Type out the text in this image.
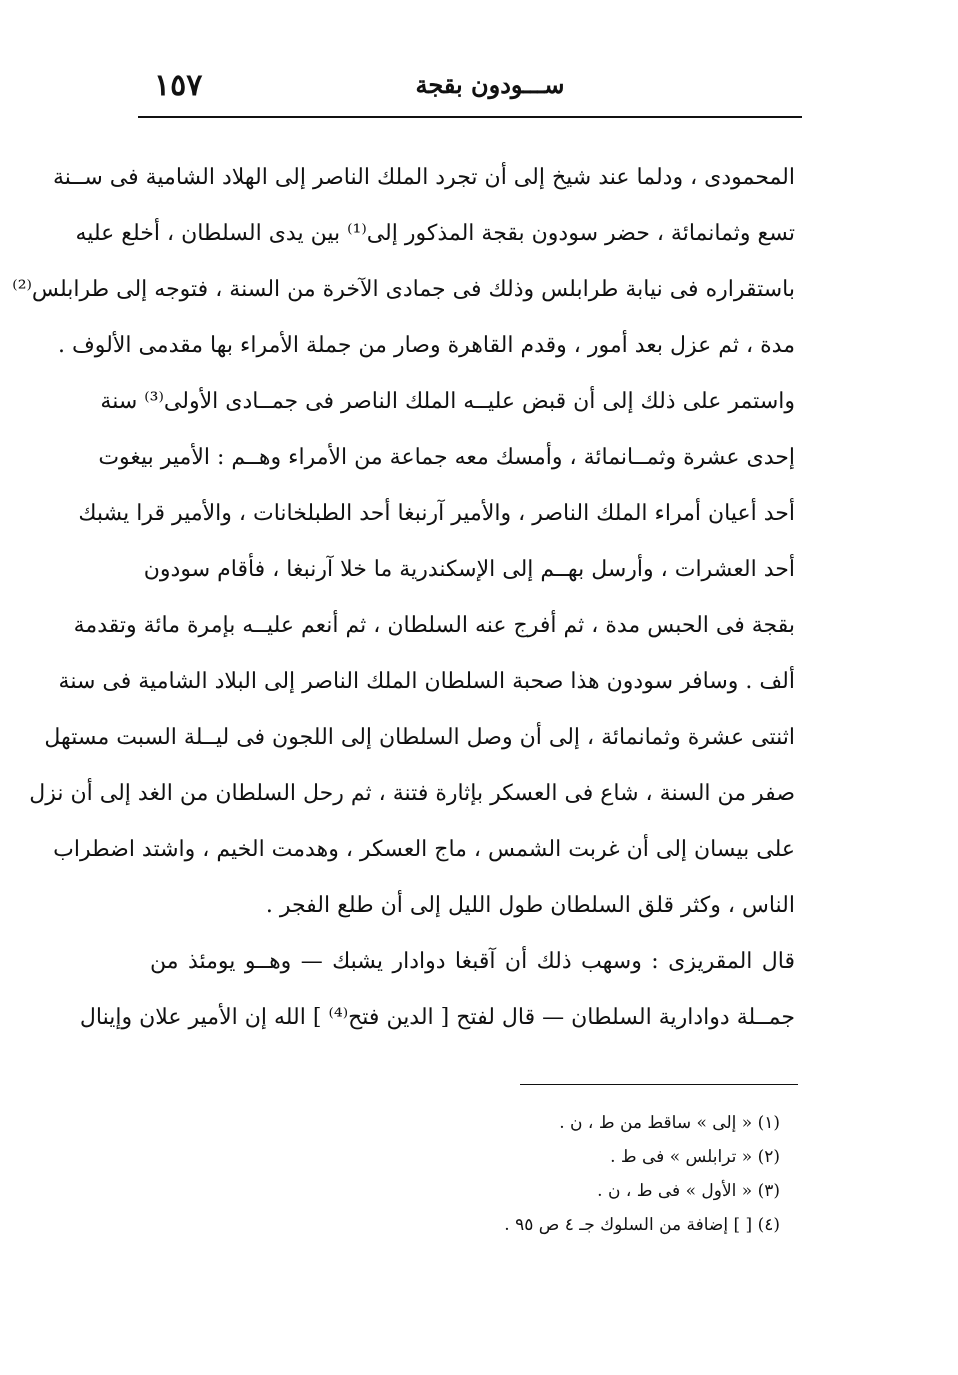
١٥٧	ســـودون بقجة
المحمودى ، ودلما عند شيخ إلى أن تجرد الملك الناصر إلى الهلاد الشامية فى ســنة
تسع وثمانمائة ، حضر سودون بقجة المذكور إلى⁽¹⁾ بين يدى السلطان ، أخلع عليه
باستقراره فى نيابة طرابلس وذلك فى جمادى الآخرة من السنة ، فتوجه إلى طرابلس⁽²⁾
مدة ، ثم عزل بعد أمور ، وقدم القاهرة وصار من جملة الأمراء بها مقدمى الألوف .
واستمر على ذلك إلى أن قبض عليــه الملك الناصر فى جمــادى الأولى⁽³⁾ سنة
إحدى عشرة وثمــانمائة ، وأمسك معه جماعة من الأمراء وهــم : الأمير بيغوت
أحد أعيان أمراء الملك الناصر ، والأمير آرنبغا أحد الطبلخانات ، والأمير قرا يشبك
أحد العشرات ، وأرسل بهــم إلى الإسكندرية ما خلا آرنبغا ، فأقام سودون
بقجة فى الحبس مدة ، ثم أفرج عنه السلطان ، ثم أنعم عليــه بإمرة مائة وتقدمة
ألف . وسافر سودون هذا صحبة السلطان الملك الناصر إلى البلاد الشامية فى سنة
اثنتى عشرة وثمانمائة ، إلى أن وصل السلطان إلى اللجون فى ليــلة السبت مستهل
صفر من السنة ، شاع فى العسكر بإثارة فتنة ، ثم رحل السلطان من الغد إلى أن نزل
على بيسان إلى أن غربت الشمس ، ماج العسكر ، وهدمت الخيم ، واشتد اضطراب
الناس ، وكثر قلق السلطان طول الليل إلى أن طلع الفجر .
قال المقريزى : وسهب ذلك أن آقبغا دوادار يشبك — وهــو يومئذ من
جمــلة دوادارية السلطان — قال لفتح [ الدين فتح⁽⁴⁾ ] الله إن الأمير علان وإينال
(١) « إلى » ساقط من ط ، ن .
(٢) « ترابلس » فى ط .
(٣) « الأول » فى ط ، ن .
(٤) [ ] إضافة من السلوك جـ ٤ ص ٩٥ .
